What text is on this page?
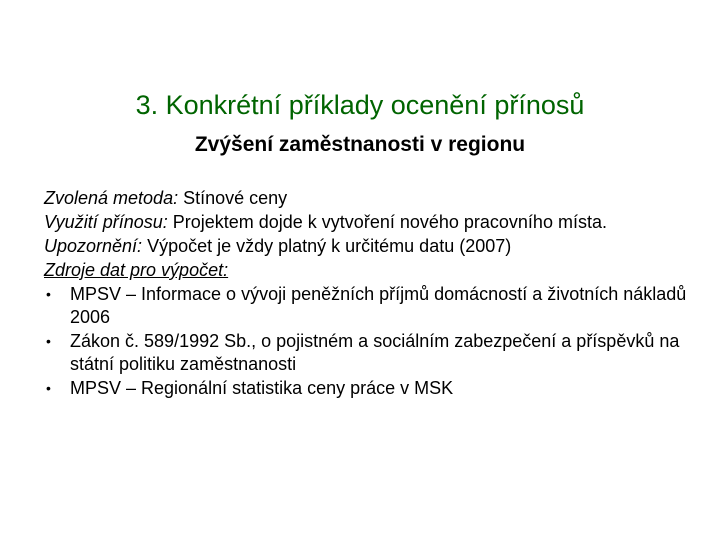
3. Konkrétní příklady ocenění přínosů
Zvýšení zaměstnanosti v regionu

Zvolená metoda: Stínové ceny

Využití přínosu: Projektem dojde k vytvoření nového pracovního místa.

Upozornění: Výpočet je vždy platný k určitému datu (2007)

Zdroje dat pro výpočet:

• MPSV – Informace o vývoji peněžních příjmů domácností a životních nákladů 2006
• Zákon č. 589/1992 Sb., o pojistném a sociálním zabezpečení a příspěvků na státní politiku zaměstnanosti
• MPSV – Regionální statistika ceny práce v MSK
